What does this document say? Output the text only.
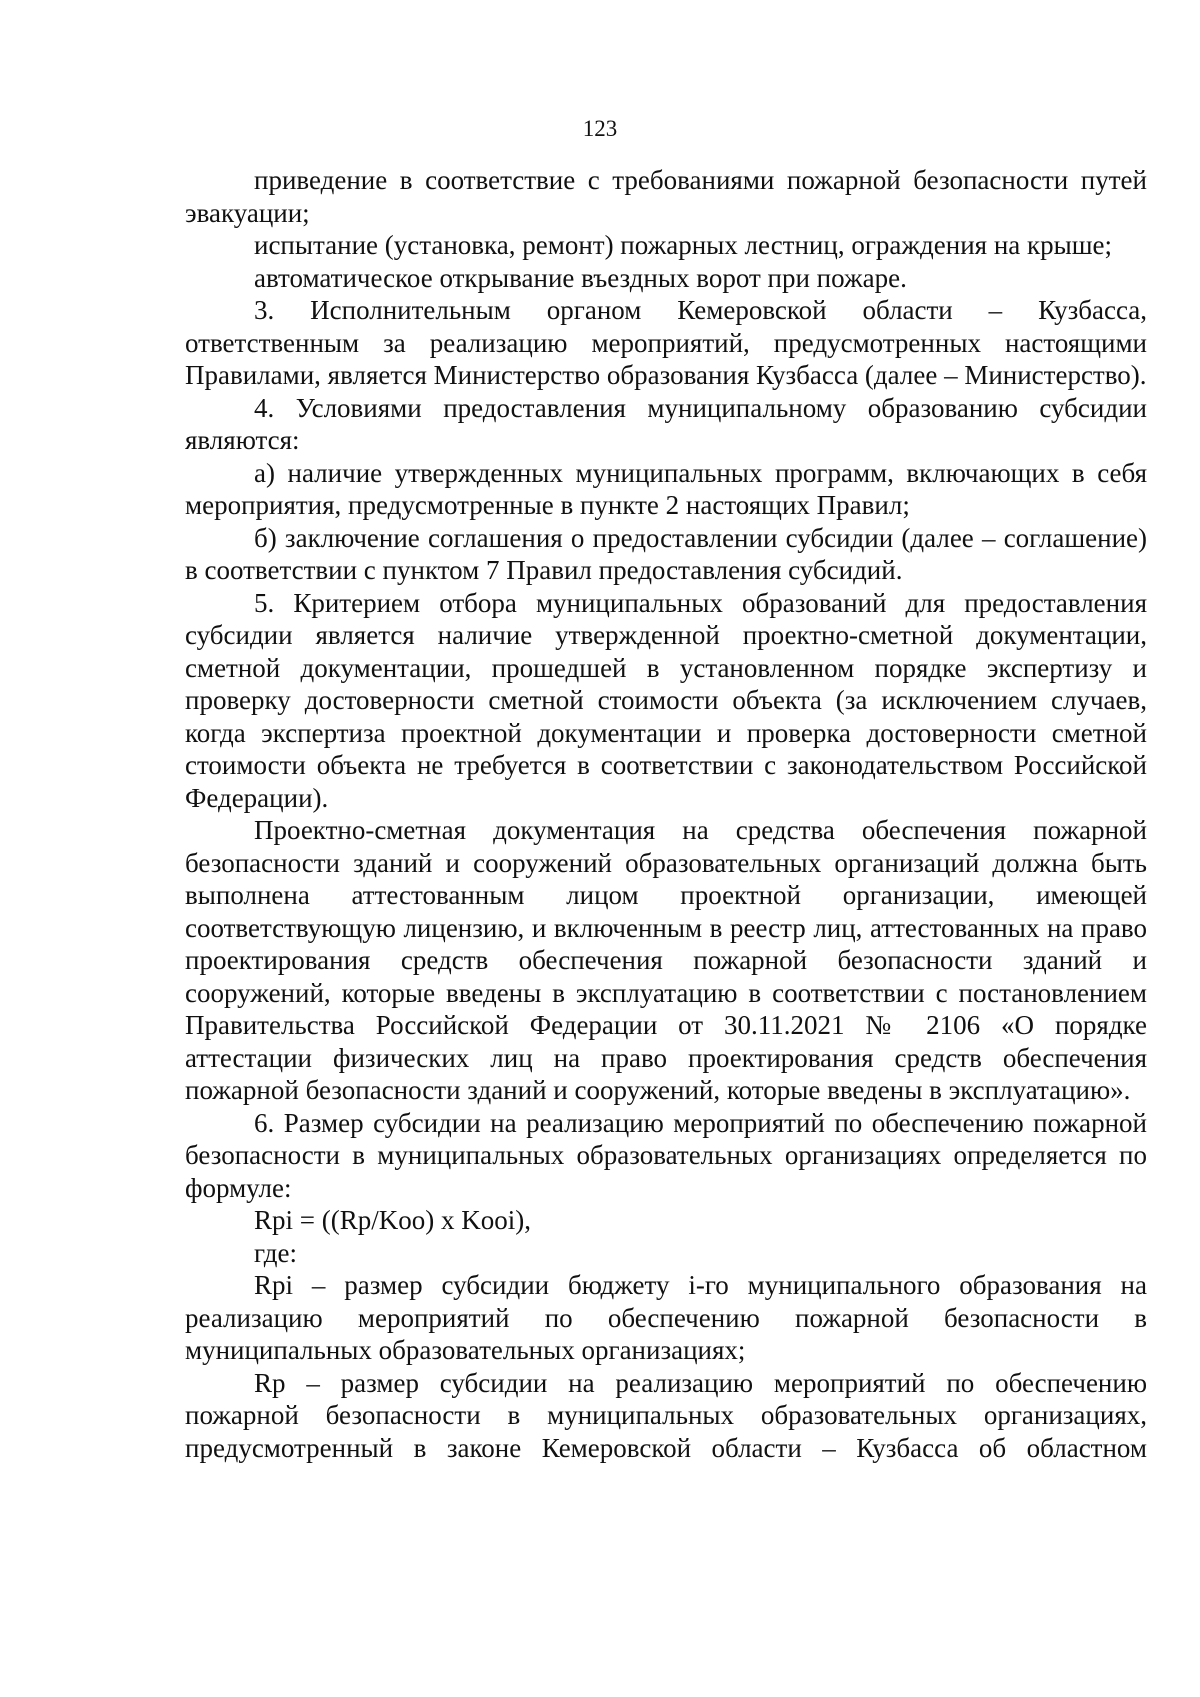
123

приведение в соответствие с требованиями пожарной безопасности путей эвакуации;

испытание (установка, ремонт) пожарных лестниц, ограждения на крыше;

автоматическое открывание въездных ворот при пожаре.

3. Исполнительным органом Кемеровской области – Кузбасса, ответственным за реализацию мероприятий, предусмотренных настоящими Правилами, является Министерство образования Кузбасса (далее – Министерство).

4. Условиями предоставления муниципальному образованию субсидии являются:

а) наличие утвержденных муниципальных программ, включающих в себя мероприятия, предусмотренные в пункте 2 настоящих Правил;

б) заключение соглашения о предоставлении субсидии (далее – соглашение) в соответствии с пунктом 7 Правил предоставления субсидий.

5. Критерием отбора муниципальных образований для предоставления субсидии является наличие утвержденной проектно-сметной документации, сметной документации, прошедшей в установленном порядке экспертизу и проверку достоверности сметной стоимости объекта (за исключением случаев, когда экспертиза проектной документации и проверка достоверности сметной стоимости объекта не требуется в соответствии с законодательством Российской Федерации).

Проектно-сметная документация на средства обеспечения пожарной безопасности зданий и сооружений образовательных организаций должна быть выполнена аттестованным лицом проектной организации, имеющей соответствующую лицензию, и включенным в реестр лиц, аттестованных на право проектирования средств обеспечения пожарной безопасности зданий и сооружений, которые введены в эксплуатацию в соответствии с постановлением Правительства Российской Федерации от 30.11.2021 № 2106 «О порядке аттестации физических лиц на право проектирования средств обеспечения пожарной безопасности зданий и сооружений, которые введены в эксплуатацию».

6. Размер субсидии на реализацию мероприятий по обеспечению пожарной безопасности в муниципальных образовательных организациях определяется по формуле:

Rpi = ((Rp/Koo) x Kooi),

где:

Rpi – размер субсидии бюджету i-го муниципального образования на реализацию мероприятий по обеспечению пожарной безопасности в муниципальных образовательных организациях;

Rp – размер субсидии на реализацию мероприятий по обеспечению пожарной безопасности в муниципальных образовательных организациях, предусмотренный в законе Кемеровской области – Кузбасса об областном
